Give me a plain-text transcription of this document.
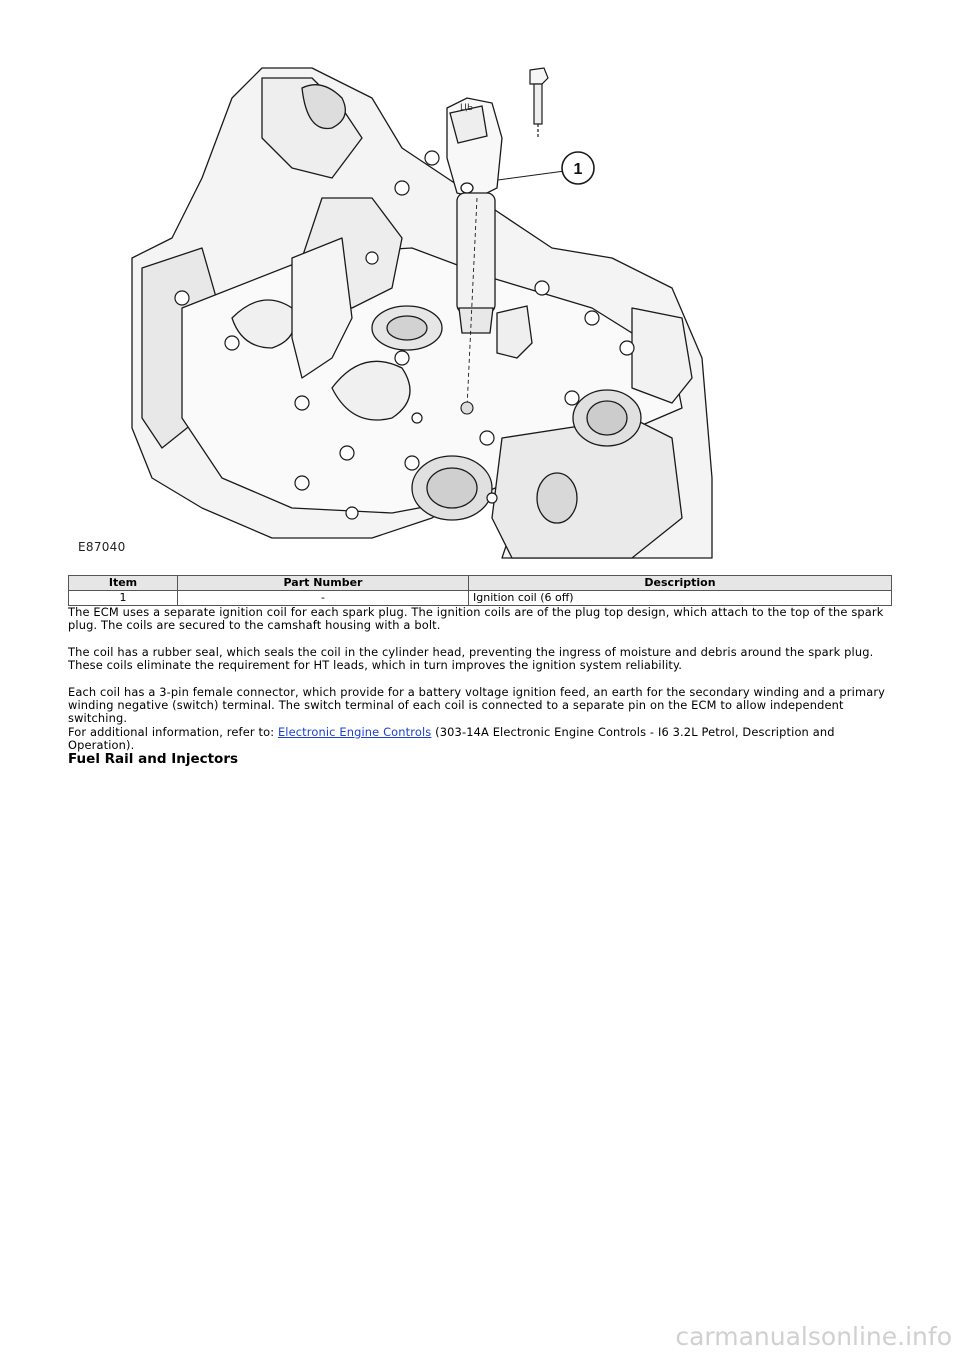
ЦЬ
1
E87040
Item	Part Number	Description
1	-	Ignition coil (6 off)

The ECM uses a separate ignition coil for each spark plug. The ignition coils are of the plug top design, which attach to the top of the spark plug. The coils are secured to the camshaft housing with a bolt.

The coil has a rubber seal, which seals the coil in the cylinder head, preventing the ingress of moisture and debris around the spark plug. These coils eliminate the requirement for HT leads, which in turn improves the ignition system reliability.

Each coil has a 3-pin female connector, which provide for a battery voltage ignition feed, an earth for the secondary winding and a primary winding negative (switch) terminal. The switch terminal of each coil is connected to a separate pin on the ECM to allow independent switching.

For additional information, refer to: Electronic Engine Controls (303-14A Electronic Engine Controls - I6 3.2L Petrol, Description and Operation).

Fuel Rail and Injectors
carmanualsonline.info
